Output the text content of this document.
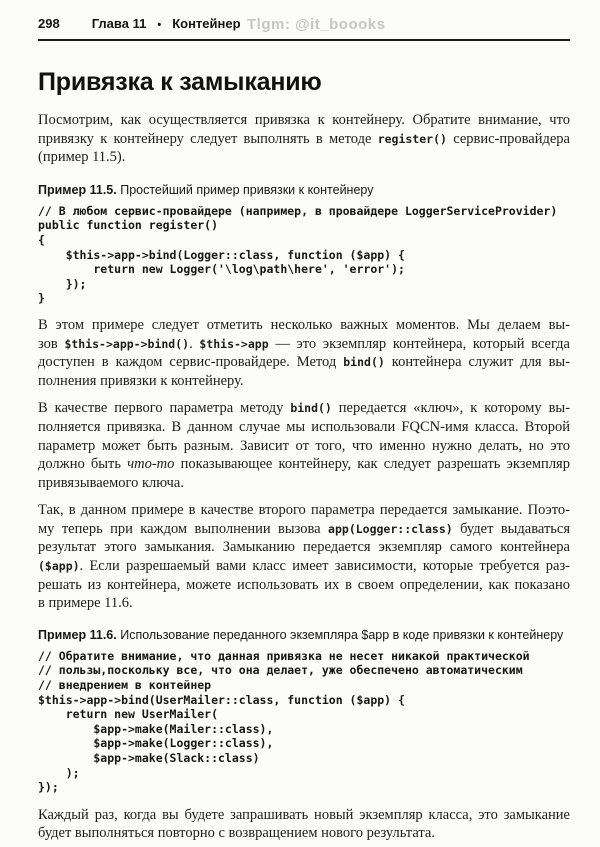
298 Глава 11 • Контейнер Tlgm: @it_boooks
Привязка к замыканию
Посмотрим, как осуществляется привязка к контейнеру. Обратите внимание, что
привязку к контейнеру следует выполнять в методе register() сервис-провайдера
(пример 11.5).
Пример 11.5. Простейший пример привязки к контейнеру
// В любом сервис-провайдере (например, в провайдере LoggerServiceProvider)
public function register()
{
$this->app->bind(Logger::class, function ($app) {
return new Logger('\log\path\here', 'error');
});
}
В этом примере следует отметить несколько важных моментов. Мы делаем вы-
зов $this->app->bind(). $this->app — это экземпляр контейнера, который всегда
доступен в каждом сервис-провайдере. Метод bind() контейнера служит для вы-
полнения привязки к контейнеру.
В качестве первого параметра методу bind() передается «ключ», к которому вы-
полняется привязка. В данном случае мы использовали FQCN-имя класса. Второй
параметр может быть разным. Зависит от того, что именно нужно делать, но это
должно быть что-то показывающее контейнеру, как следует разрешать экземпляр
привязываемого ключа.
Так, в данном примере в качестве второго параметра передается замыкание. Поэто-
му теперь при каждом выполнении вызова app(Logger::class) будет выдаваться
результат этого замыкания. Замыканию передается экземпляр самого контейнера
($app). Если разрешаемый вами класс имеет зависимости, которые требуется раз-
решать из контейнера, можете использовать их в своем определении, как показано
в примере 11.6.
Пример 11.6. Использование переданного экземпляра $app в коде привязки к контейнеру
// Обратите внимание, что данная привязка не несет никакой практической
// пользы,поскольку все, что она делает, уже обеспечено автоматическим
// внедрением в контейнер
$this->app->bind(UserMailer::class, function ($app) {
return new UserMailer(
$app->make(Mailer::class),
$app->make(Logger::class),
$app->make(Slack::class)
);
});
Каждый раз, когда вы будете запрашивать новый экземпляр класса, это замыкание
будет выполняться повторно с возвращением нового результата.
